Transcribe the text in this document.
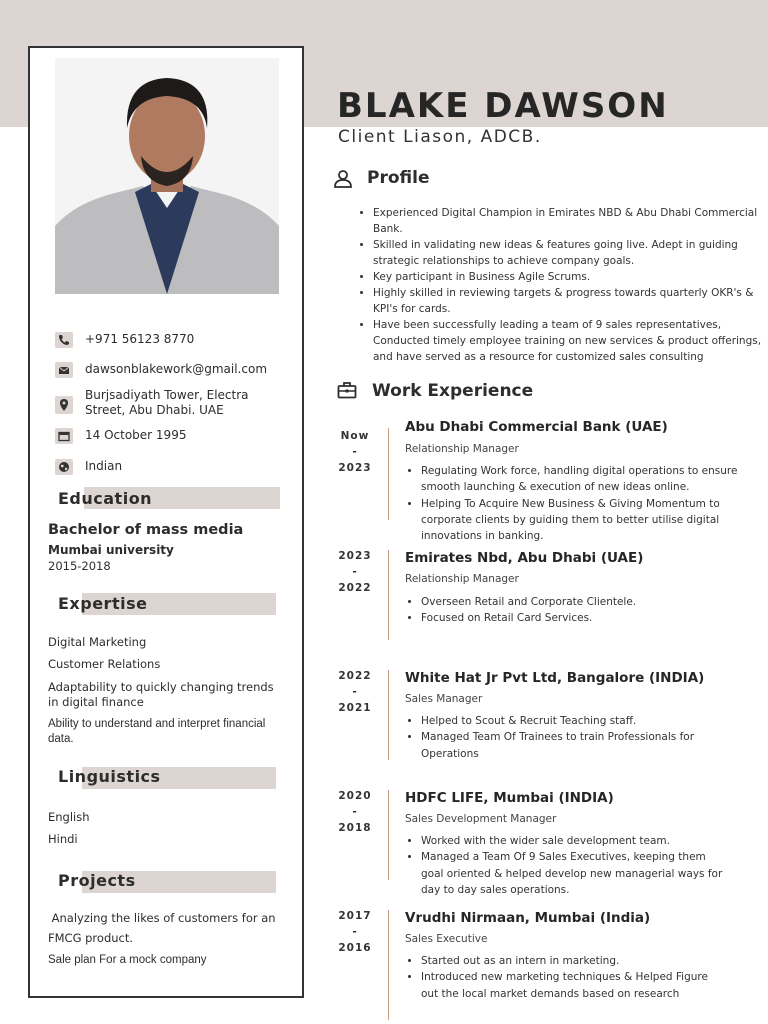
+971 56123 8770
dawsonblakework@gmail.com
Burjsadiyath Tower, Electra
Street, Abu Dhabi. UAE
14 October 1995
Indian
Education
Bachelor of mass media
Mumbai university
2015-2018
Expertise
Digital Marketing
Customer Relations
Adaptability to quickly changing trends
in digital finance
Ability to understand and interpret financial
data.
Linguistics
English
Hindi
Projects
Analyzing the likes of customers for an
FMCG product.
Sale plan For a mock company
BLAKE DAWSON
Client Liason, ADCB.
Profile
• Experienced Digital Champion in Emirates NBD & Abu Dhabi Commercial Bank.
• Skilled in validating new ideas & features going live. Adept in guiding strategic relationships to achieve company goals.
• Key participant in Business Agile Scrums.
• Highly skilled in reviewing targets & progress towards quarterly OKR's & KPI's for cards.
• Have been successfully leading a team of 9 sales representatives, Conducted timely employee training on new services & product offerings, and have served as a resource for customized sales consulting
Work Experience
Now
-
2023
Abu Dhabi Commercial Bank (UAE)
Relationship Manager
• Regulating Work force, handling digital operations to ensure smooth launching & execution of new ideas online.
• Helping To Acquire New Business & Giving Momentum to corporate clients by guiding them to better utilise digital innovations in banking.
2023
-
2022
Emirates Nbd, Abu Dhabi (UAE)
Relationship Manager
• Overseen Retail and Corporate Clientele.
• Focused on Retail Card Services.
2022
-
2021
White Hat Jr Pvt Ltd, Bangalore (INDIA)
Sales Manager
• Helped to Scout & Recruit Teaching staff.
• Managed Team Of Trainees to train Professionals for Operations
2020
-
2018
HDFC LIFE, Mumbai (INDIA)
Sales Development Manager
• Worked with the wider sale development team.
• Managed a Team Of 9 Sales Executives, keeping them goal oriented & helped develop new managerial ways for day to day sales operations.
2017
-
2016
Vrudhi Nirmaan, Mumbai (India)
Sales Executive
• Started out as an intern in marketing.
• Introduced new marketing techniques & Helped Figure out the local market demands based on research
